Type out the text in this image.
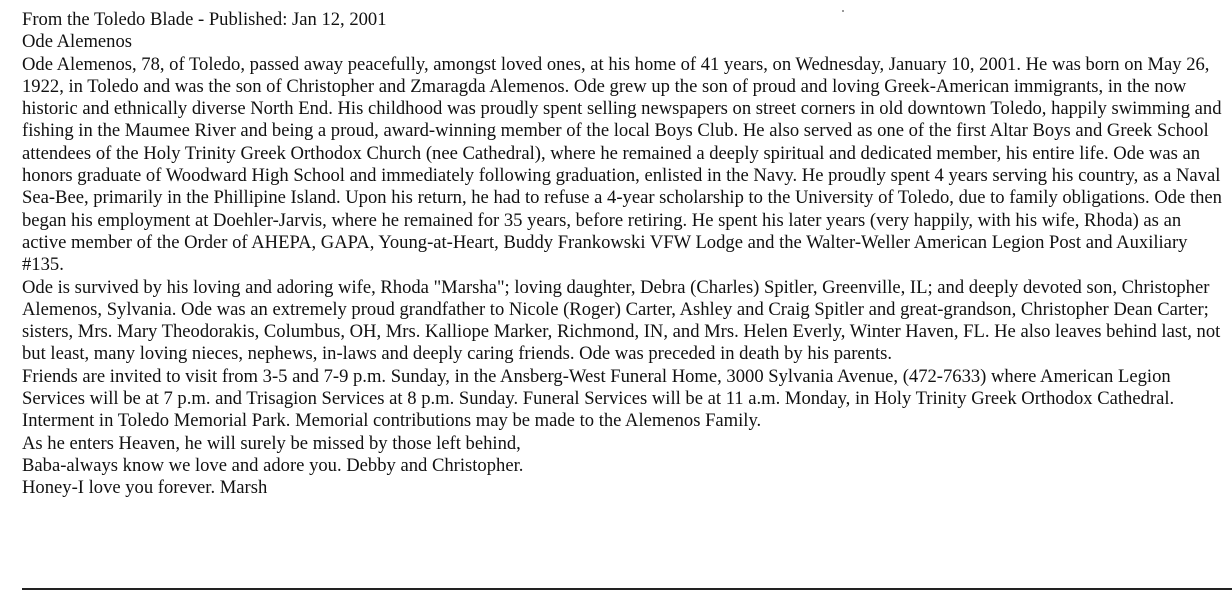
From the Toledo Blade - Published: Jan 12, 2001

Ode Alemenos

Ode Alemenos, 78, of Toledo, passed away peacefully, amongst loved ones, at his home of 41 years, on Wednesday, January 10, 2001. He was born on May 26, 1922, in Toledo and was the son of Christopher and Zmaragda Alemenos. Ode grew up the son of proud and loving Greek-American immigrants, in the now historic and ethnically diverse North End. His childhood was proudly spent selling newspapers on street corners in old downtown Toledo, happily swimming and fishing in the Maumee River and being a proud, award-winning member of the local Boys Club. He also served as one of the first Altar Boys and Greek School attendees of the Holy Trinity Greek Orthodox Church (nee Cathedral), where he remained a deeply spiritual and dedicated member, his entire life. Ode was an honors graduate of Woodward High School and immediately following graduation, enlisted in the Navy. He proudly spent 4 years serving his country, as a Naval Sea-Bee, primarily in the Phillipine Island. Upon his return, he had to refuse a 4-year scholarship to the University of Toledo, due to family obligations. Ode then began his employment at Doehler-Jarvis, where he remained for 35 years, before retiring. He spent his later years (very happily, with his wife, Rhoda) as an active member of the Order of AHEPA, GAPA, Young-at-Heart, Buddy Frankowski VFW Lodge and the Walter-Weller American Legion Post and Auxiliary #135.

Ode is survived by his loving and adoring wife, Rhoda "Marsha"; loving daughter, Debra (Charles) Spitler, Greenville, IL; and deeply devoted son, Christopher Alemenos, Sylvania. Ode was an extremely proud grandfather to Nicole (Roger) Carter, Ashley and Craig Spitler and great-grandson, Christopher Dean Carter; sisters, Mrs. Mary Theodorakis, Columbus, OH, Mrs. Kalliope Marker, Richmond, IN, and Mrs. Helen Everly, Winter Haven, FL. He also leaves behind last, not but least, many loving nieces, nephews, in-laws and deeply caring friends. Ode was preceded in death by his parents.

Friends are invited to visit from 3-5 and 7-9 p.m. Sunday, in the Ansberg-West Funeral Home, 3000 Sylvania Avenue, (472-7633) where American Legion Services will be at 7 p.m. and Trisagion Services at 8 p.m. Sunday. Funeral Services will be at 11 a.m. Monday, in Holy Trinity Greek Orthodox Cathedral. Interment in Toledo Memorial Park. Memorial contributions may be made to the Alemenos Family.

As he enters Heaven, he will surely be missed by those left behind,

Baba-always know we love and adore you. Debby and Christopher.

Honey-I love you forever. Marsh
